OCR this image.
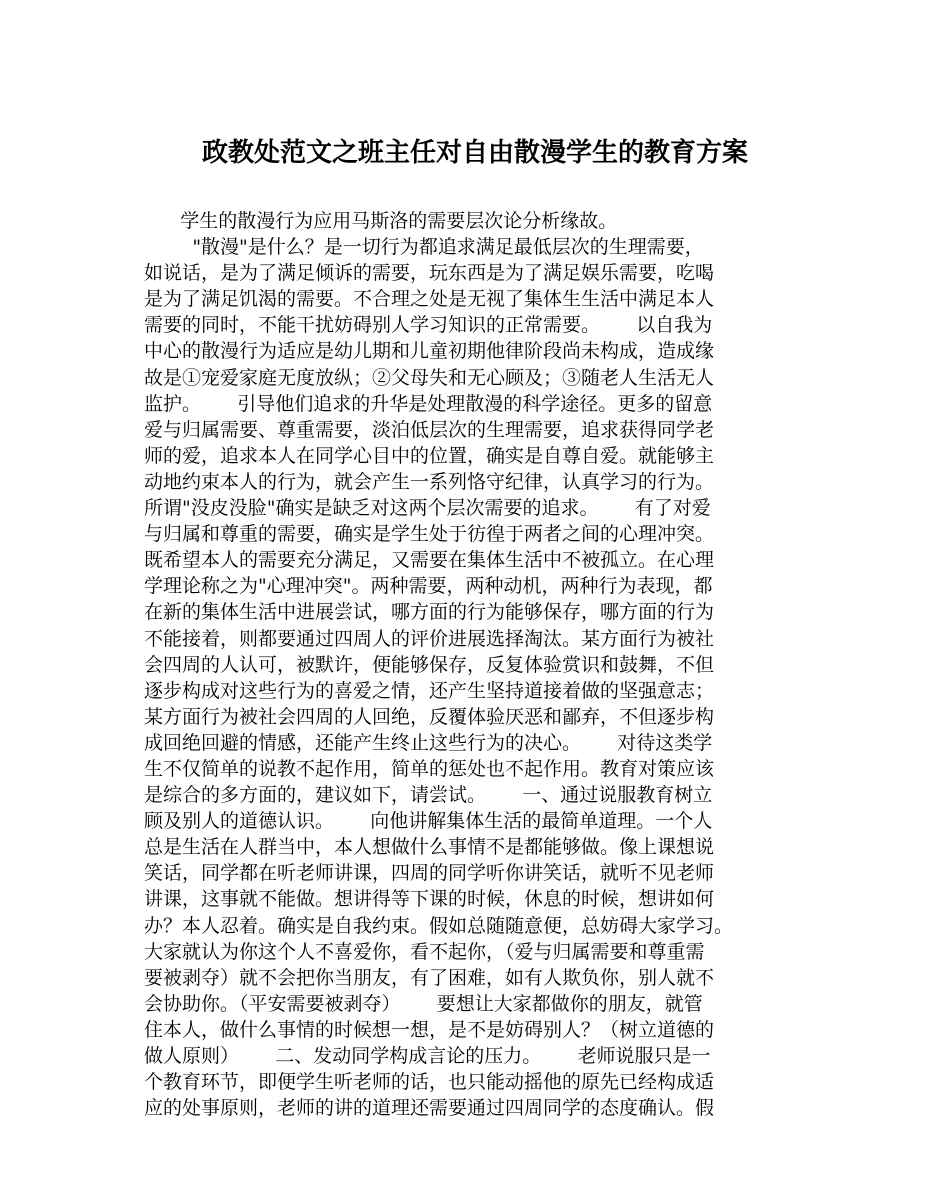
政教处范文之班主任对自由散漫学生的教育方案
学生的散漫行为应用马斯洛的需要层次论分析缘故。
"散漫"是什么？是一切行为都追求满足最低层次的生理需要，
如说话，是为了满足倾诉的需要，玩东西是为了满足娱乐需要，吃喝
是为了满足饥渴的需要。不合理之处是无视了集体生生活中满足本人
需要的同时，不能干扰妨碍别人学习知识的正常需要。      以自我为
中心的散漫行为适应是幼儿期和儿童初期他律阶段尚未构成，造成缘
故是①宠爱家庭无度放纵；②父母失和无心顾及；③随老人生活无人
监护。      引导他们追求的升华是处理散漫的科学途径。更多的留意
爱与归属需要、尊重需要，淡泊低层次的生理需要，追求获得同学老
师的爱，追求本人在同学心目中的位置，确实是自尊自爱。就能够主
动地约束本人的行为，就会产生一系列恪守纪律，认真学习的行为。
所谓"没皮没脸"确实是缺乏对这两个层次需要的追求。      有了对爱
与归属和尊重的需要，确实是学生处于彷徨于两者之间的心理冲突。
既希望本人的需要充分满足，又需要在集体生活中不被孤立。在心理
学理论称之为"心理冲突"。两种需要，两种动机，两种行为表现，都
在新的集体生活中进展尝试，哪方面的行为能够保存，哪方面的行为
不能接着，则都要通过四周人的评价进展选择淘汰。某方面行为被社
会四周的人认可，被默许，便能够保存，反复体验赏识和鼓舞，不但
逐步构成对这些行为的喜爱之情，还产生坚持道接着做的坚强意志；
某方面行为被社会四周的人回绝，反覆体验厌恶和鄙弃，不但逐步构
成回绝回避的情感，还能产生终止这些行为的决心。      对待这类学
生不仅简单的说教不起作用，简单的惩处也不起作用。教育对策应该
是综合的多方面的，建议如下，请尝试。      一、通过说服教育树立
顾及别人的道德认识。      向他讲解集体生活的最简单道理。一个人
总是生活在人群当中，本人想做什么事情不是都能够做。像上课想说
笑话，同学都在听老师讲课，四周的同学听你讲笑话，就听不见老师
讲课，这事就不能做。想讲得等下课的时候，休息的时候，想讲如何
办？本人忍着。确实是自我约束。假如总随随意便，总妨碍大家学习。
大家就认为你这个人不喜爱你，看不起你，（爱与归属需要和尊重需
要被剥夺）就不会把你当朋友，有了困难，如有人欺负你，别人就不
会协助你。（平安需要被剥夺）      要想让大家都做你的朋友，就管
住本人，做什么事情的时候想一想，是不是妨碍别人？（树立道德的
做人原则）      二、发动同学构成言论的压力。      老师说服只是一
个教育环节，即便学生听老师的话，也只能动摇他的原先已经构成适
应的处事原则，老师的讲的道理还需要通过四周同学的态度确认。假
